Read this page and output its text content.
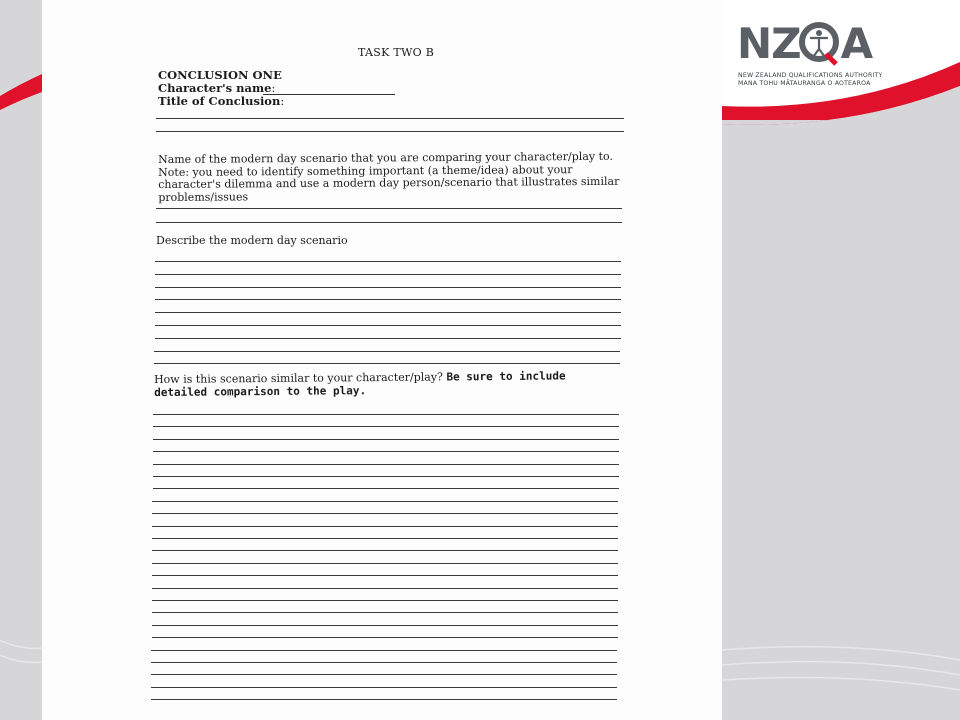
TASK TWO B
CONCLUSION ONE
Character's name:
Title of Conclusion:
Name of the modern day scenario that you are comparing your character/play to. Note: you need to identify something important (a theme/idea) about your character's dilemma and use a modern day person/scenario that illustrates similar problems/issues
Describe the modern day scenario
How is this scenario similar to your character/play? Be sure to include detailed comparison to the play.
NZ A
NEW ZEALAND QUALIFICATIONS AUTHORITY
MANA TOHU MĀTAURANGA O AOTEAROA
